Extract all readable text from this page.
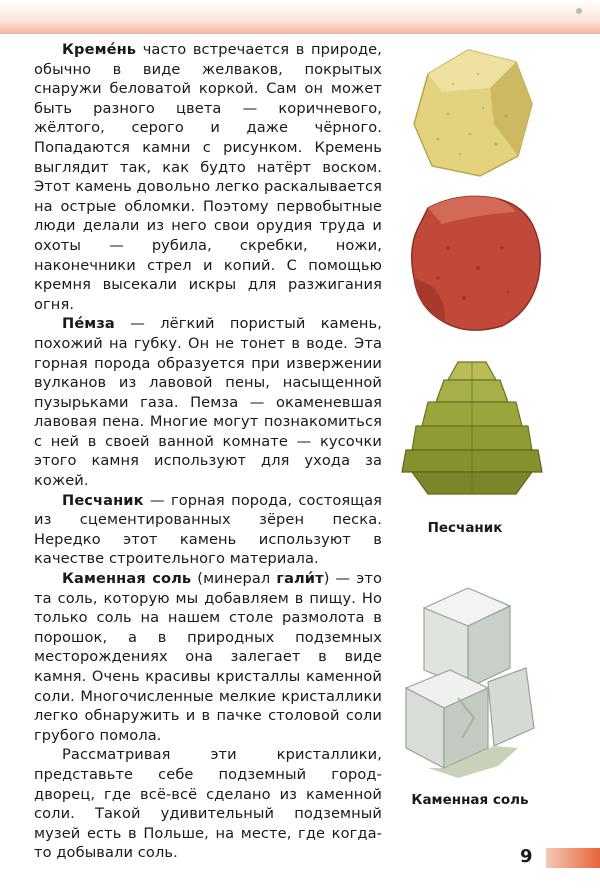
Креме́нь часто встречается в природе, обычно в виде желваков, покрытых снаружи беловатой коркой. Сам он может быть разного цвета — коричневого, жёлтого, серого и даже чёрного. Попадаются камни с рисунком. Кремень выглядит так, как будто натёрт воском. Этот камень довольно легко раскалывается на острые обломки. Поэтому первобытные люди делали из него свои орудия труда и охоты — рубила, скребки, ножи, наконечники стрел и копий. С помощью кремня высекали искры для разжигания огня.

Пе́мза — лёгкий пористый камень, похожий на губку. Он не тонет в воде. Эта горная порода образуется при извержении вулканов из лавовой пены, насыщенной пузырьками газа. Пемза — окаменевшая лавовая пена. Многие могут познакомиться с ней в своей ванной комнате — кусочки этого камня используют для ухода за кожей.

Песчаник — горная порода, состоящая из сцементированных зёрен песка. Нередко этот камень используют в качестве строительного материала.

Каменная соль (минерал гали́т) — это та соль, которую мы добавляем в пищу. Но только соль на нашем столе размолота в порошок, а в природных подземных месторождениях она залегает в виде камня. Очень красивы кристаллы каменной соли. Многочисленные мелкие кристаллики легко обнаружить и в пачке столовой соли грубого помола.

Рассматривая эти кристаллики, представьте себе подземный город-дворец, где всё-всё сделано из каменной соли. Такой удивительный подземный музей есть в Польше, на месте, где когда-то добывали соль.

Песчаник
Каменная соль
9
